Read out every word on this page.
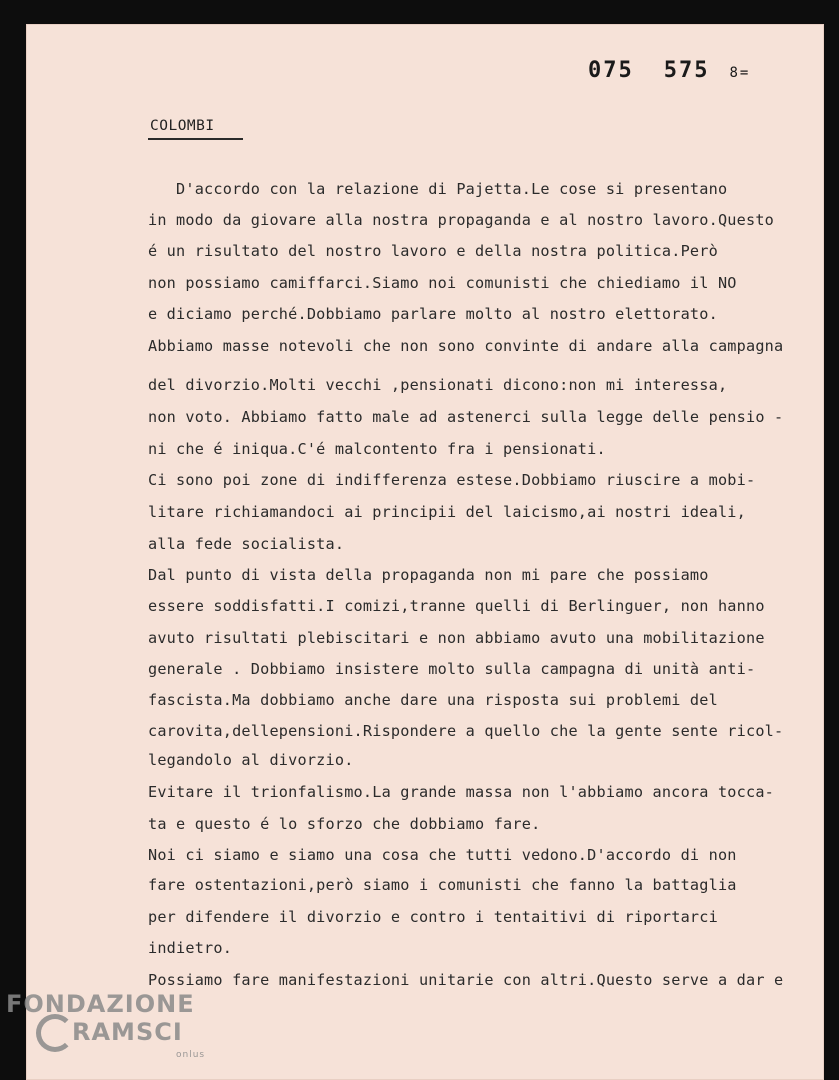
075 575 8=
COLOMBI
D'accordo con la relazione di Pajetta.Le cose si presentano
in modo da giovare alla nostra propaganda e al nostro lavoro.Questo
é un risultato del nostro lavoro e della nostra politica.Però
non possiamo camiffarci.Siamo noi comunisti che chiediamo il NO
e diciamo perché.Dobbiamo parlare molto al nostro elettorato.
Abbiamo masse notevoli che non sono convinte di andare alla campagna
del divorzio.Molti vecchi ,pensionati dicono:non mi interessa,
non voto. Abbiamo fatto male ad astenerci sulla legge delle pensio -
ni che é iniqua.C'é malcontento fra i pensionati.
Ci sono poi zone di indifferenza estese.Dobbiamo riuscire a mobi-
litare richiamandoci ai principii del laicismo,ai nostri ideali,
alla fede socialista.
Dal punto di vista della propaganda non mi pare che possiamo
essere soddisfatti.I comizi,tranne quelli di Berlinguer, non hanno
avuto risultati plebiscitari e non abbiamo avuto una mobilitazione
generale . Dobbiamo insistere molto sulla campagna di unità anti-
fascista.Ma dobbiamo anche dare una risposta sui problemi del
carovita,dellepensioni.Rispondere a quello che la gente sente ricol-
legandolo al divorzio.
Evitare il trionfalismo.La grande massa non l'abbiamo ancora tocca-
ta e questo é lo sforzo che dobbiamo fare.
Noi ci siamo e siamo una cosa che tutti vedono.D'accordo di non
fare ostentazioni,però siamo i comunisti che fanno la battaglia
per difendere il divorzio e contro i tentaitivi di riportarci
indietro.
Possiamo fare manifestazioni unitarie con altri.Questo serve a dar e
FONDAZIONE
RAMSCI
onlus
